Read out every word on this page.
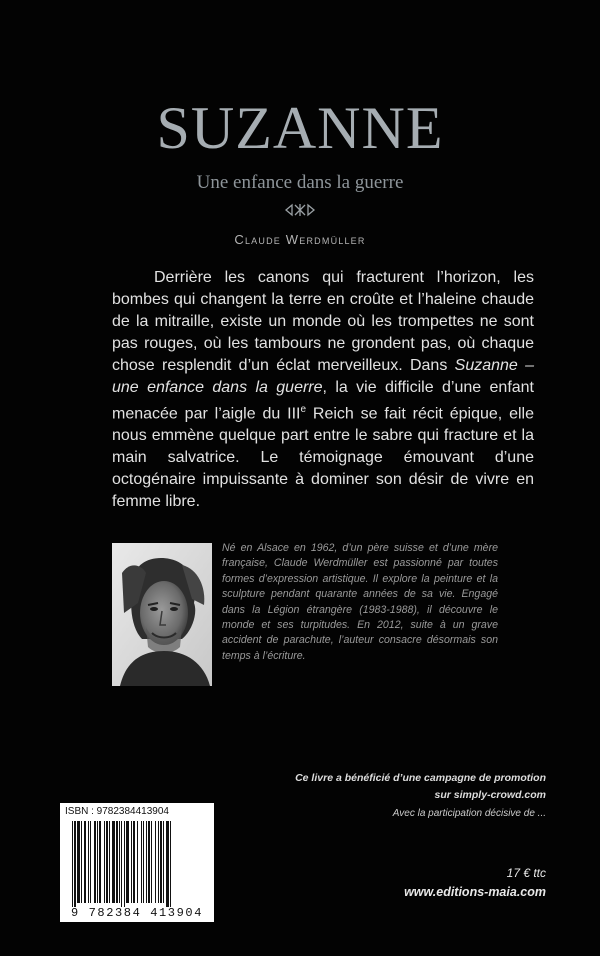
SUZANNE
Une enfance dans la guerre
Claude Werdmüller

Derrière les canons qui fracturent l’horizon, les bombes qui changent la terre en croûte et l’haleine chaude de la mitraille, existe un monde où les trompettes ne sont pas rouges, où les tambours ne grondent pas, où chaque chose resplendit d’un éclat merveilleux. Dans Suzanne – une enfance dans la guerre, la vie difficile d’une enfant menacée par l’aigle du IIIe Reich se fait récit épique, elle nous emmène quelque part entre le sabre qui fracture et la main salvatrice. Le témoignage émouvant d’une octogénaire impuissante à dominer son désir de vivre en femme libre.

Né en Alsace en 1962, d’un père suisse et d’une mère française, Claude Werdmüller est passionné par toutes formes d’expression artistique. Il explore la peinture et la sculpture pendant quarante années de sa vie. Engagé dans la Légion étrangère (1983-1988), il découvre le monde et ses turpitudes. En 2012, suite à un grave accident de parachute, l’auteur consacre désormais son temps à l’écriture.
Ce livre a bénéficié d’une campagne de promotion
sur simply-crowd.com
Avec la participation décisive de ...
17 € ttc
www.editions-maia.com
ISBN : 9782384413904
9 782384 413904
